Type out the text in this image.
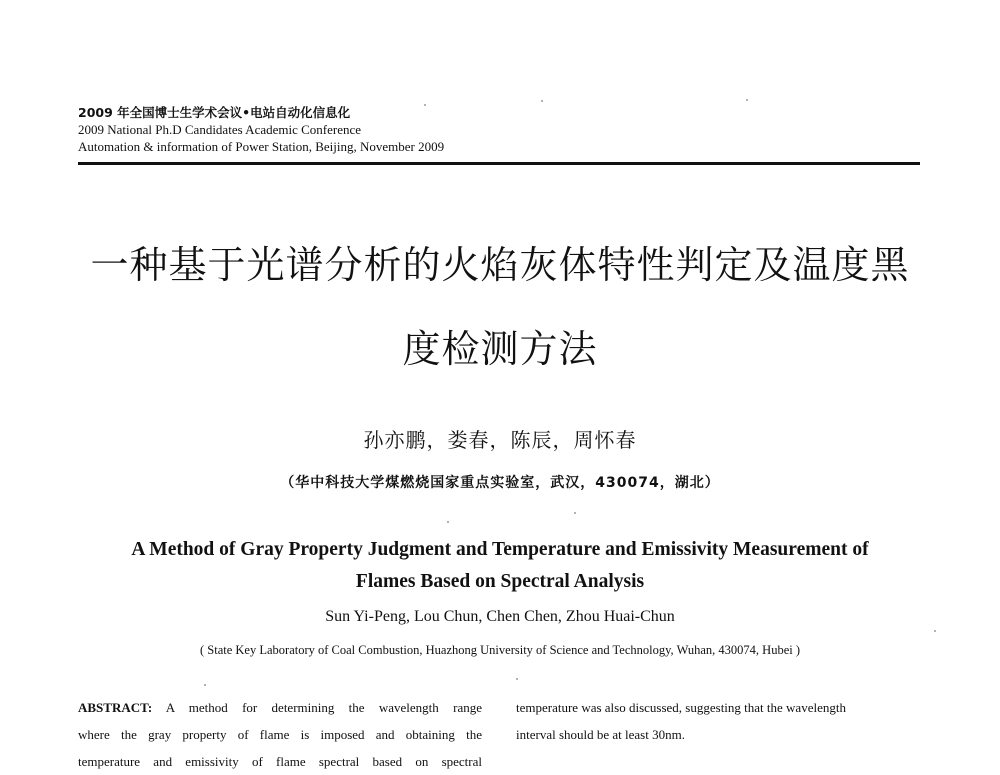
2009 年全国博士生学术会议•电站自动化信息化
2009 National Ph.D Candidates Academic Conference
Automation & information of Power Station, Beijing, November 2009
一种基于光谱分析的火焰灰体特性判定及温度黑
度检测方法
孙亦鹏，娄春，陈辰，周怀春
（华中科技大学煤燃烧国家重点实验室，武汉，430074，湖北）
A Method of Gray Property Judgment and Temperature and Emissivity Measurement of
Flames Based on Spectral Analysis
Sun Yi-Peng, Lou Chun, Chen Chen, Zhou Huai-Chun
( State Key Laboratory of Coal Combustion, Huazhong University of Science and Technology, Wuhan, 430074, Hubei )
ABSTRACT: A method for determining the wavelength range
where the gray property of flame is imposed and obtaining the
temperature and emissivity of flame spectral based on spectral
temperature was also discussed, suggesting that the wavelength
interval should be at least 30nm.
